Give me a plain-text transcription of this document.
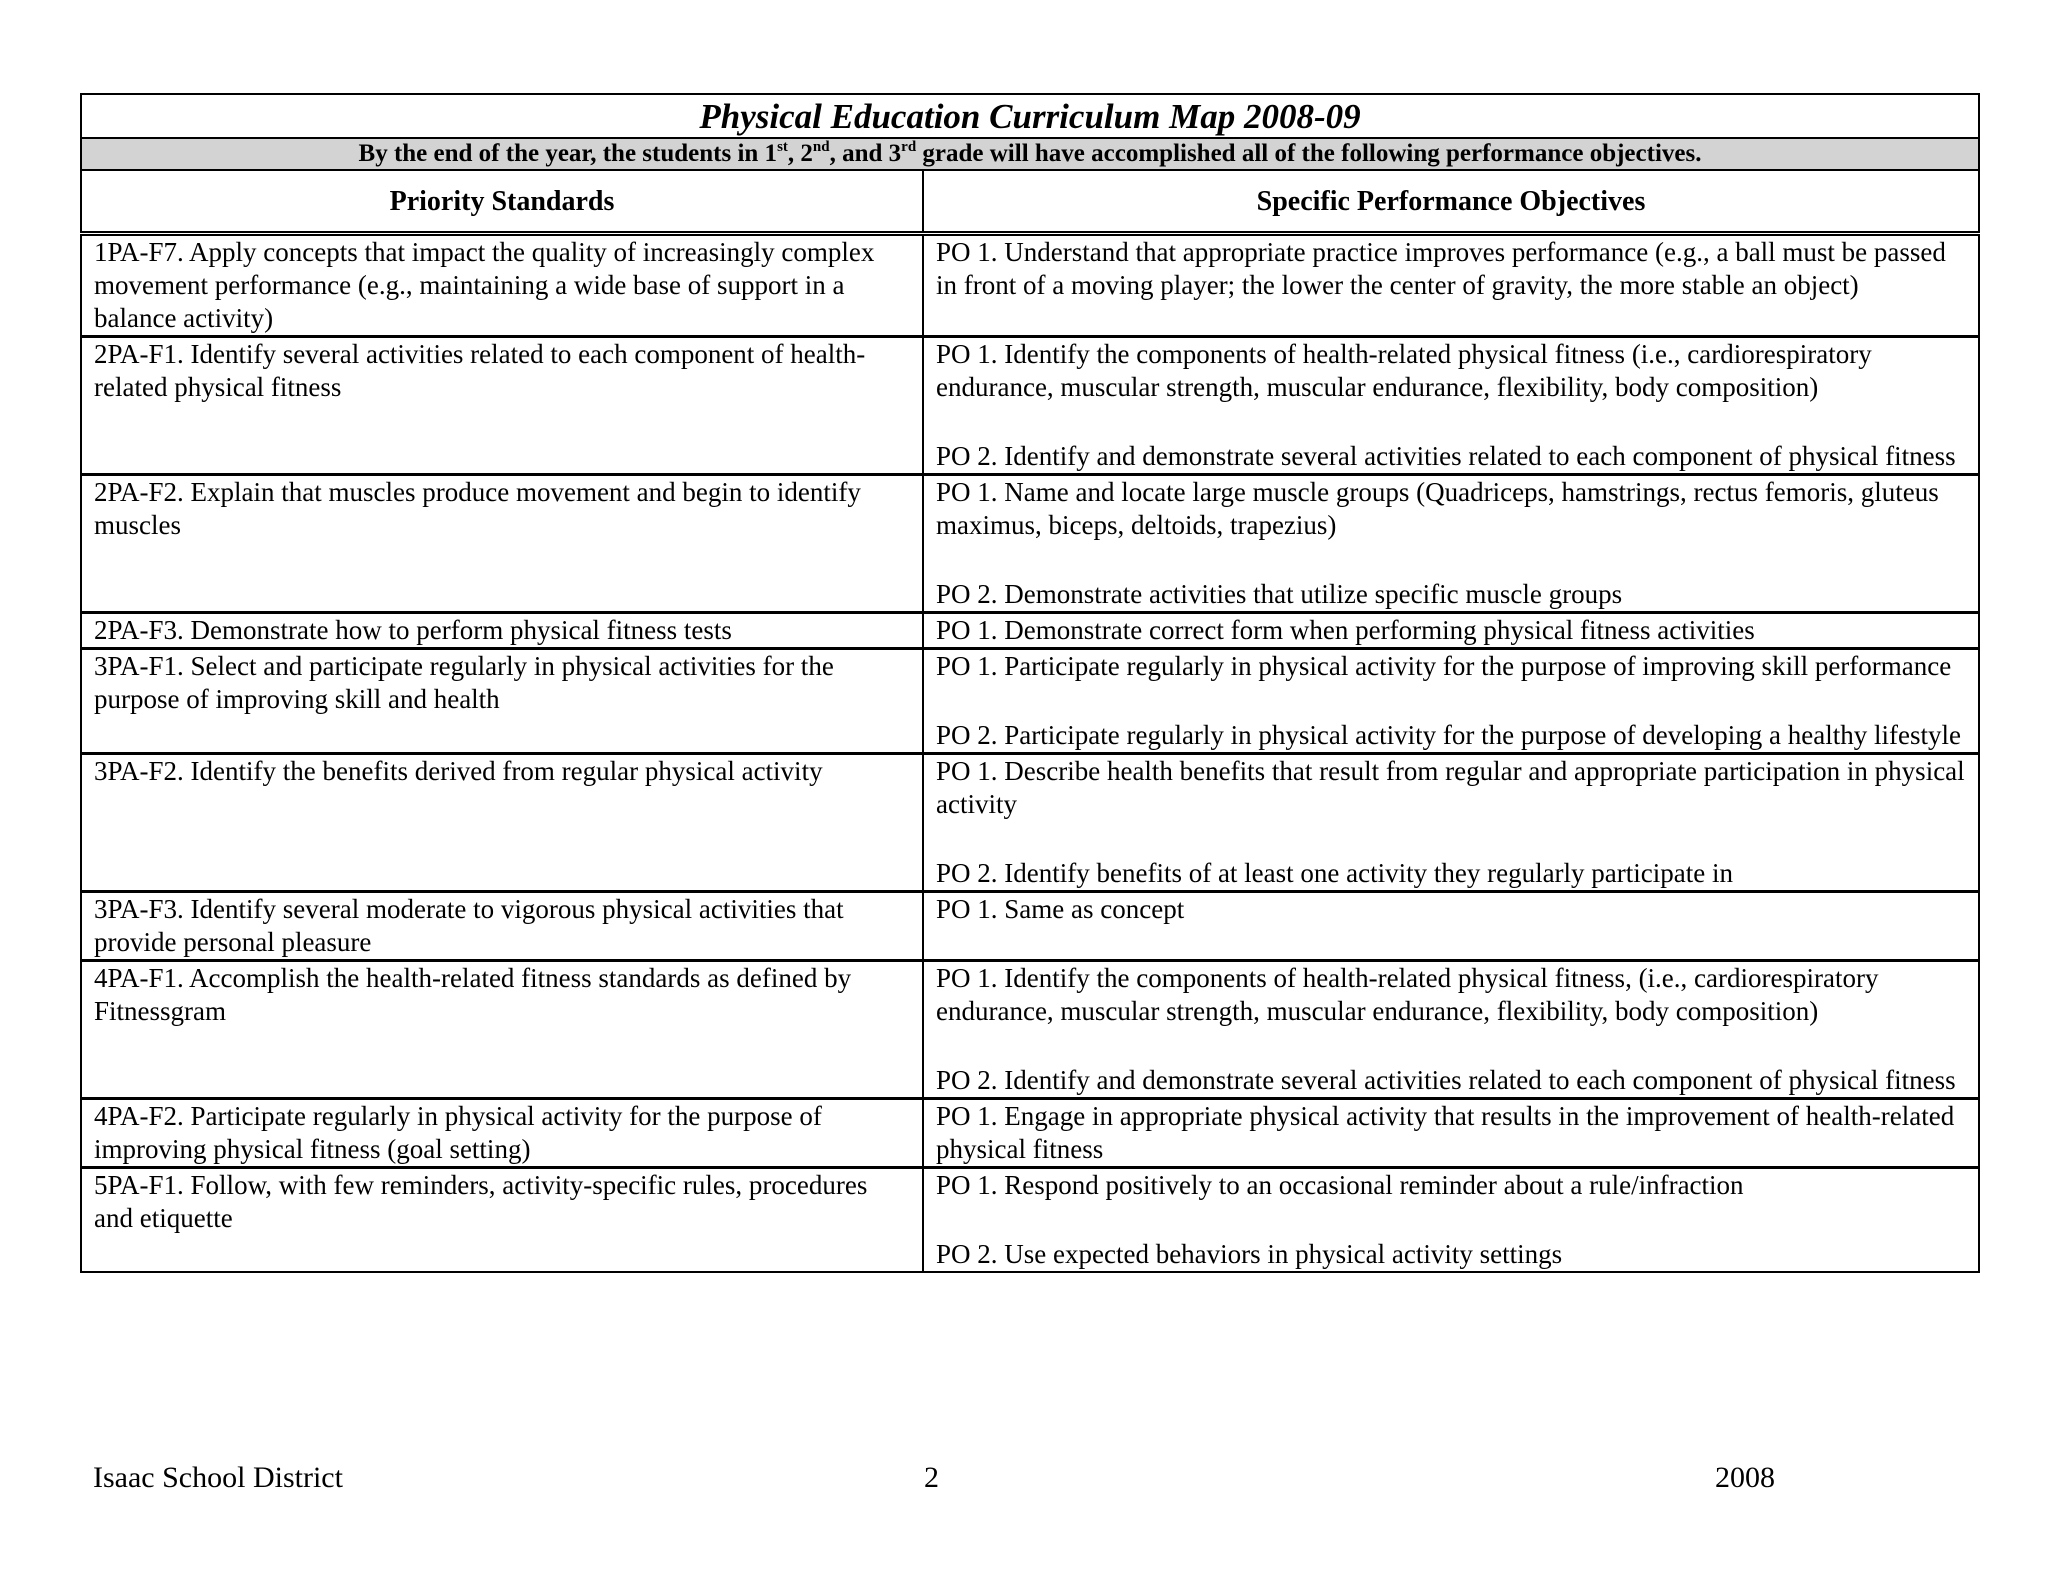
Physical Education Curriculum Map 2008-09	
By the end of the year, the students in 1st, 2nd, and 3rd grade will have accomplished all of the following performance objectives.	
Priority Standards	Specific Performance Objectives

1PA-F7. Apply concepts that impact the quality of increasingly complex movement performance (e.g., maintaining a wide base of support in a balance activity)	PO 1. Understand that appropriate practice improves performance (e.g., a ball must be passed in front of a moving player; the lower the center of gravity, the more stable an object)

2PA-F1. Identify several activities related to each component of health-related physical fitness	PO 1. Identify the components of health-related physical fitness (i.e., cardiorespiratory endurance, muscular strength, muscular endurance, flexibility, body composition)

PO 2. Identify and demonstrate several activities related to each component of physical fitness

2PA-F2. Explain that muscles produce movement and begin to identify muscles	PO 1. Name and locate large muscle groups (Quadriceps, hamstrings, rectus femoris, gluteus maximus, biceps, deltoids, trapezius)

PO 2. Demonstrate activities that utilize specific muscle groups

2PA-F3. Demonstrate how to perform physical fitness tests	PO 1. Demonstrate correct form when performing physical fitness activities

3PA-F1. Select and participate regularly in physical activities for the purpose of improving skill and health	PO 1. Participate regularly in physical activity for the purpose of improving skill performance

PO 2. Participate regularly in physical activity for the purpose of developing a healthy lifestyle

3PA-F2. Identify the benefits derived from regular physical activity	PO 1. Describe health benefits that result from regular and appropriate participation in physical activity

PO 2. Identify benefits of at least one activity they regularly participate in

3PA-F3. Identify several moderate to vigorous physical activities that provide personal pleasure	PO 1. Same as concept

4PA-F1. Accomplish the health-related fitness standards as defined by Fitnessgram	PO 1. Identify the components of health-related physical fitness, (i.e., cardiorespiratory endurance, muscular strength, muscular endurance, flexibility, body composition)

PO 2. Identify and demonstrate several activities related to each component of physical fitness

4PA-F2. Participate regularly in physical activity for the purpose of improving physical fitness (goal setting)	PO 1. Engage in appropriate physical activity that results in the improvement of health-related physical fitness

5PA-F1. Follow, with few reminders, activity-specific rules, procedures and etiquette	PO 1. Respond positively to an occasional reminder about a rule/infraction

PO 2. Use expected behaviors in physical activity settings

Isaac School District	2	2008
